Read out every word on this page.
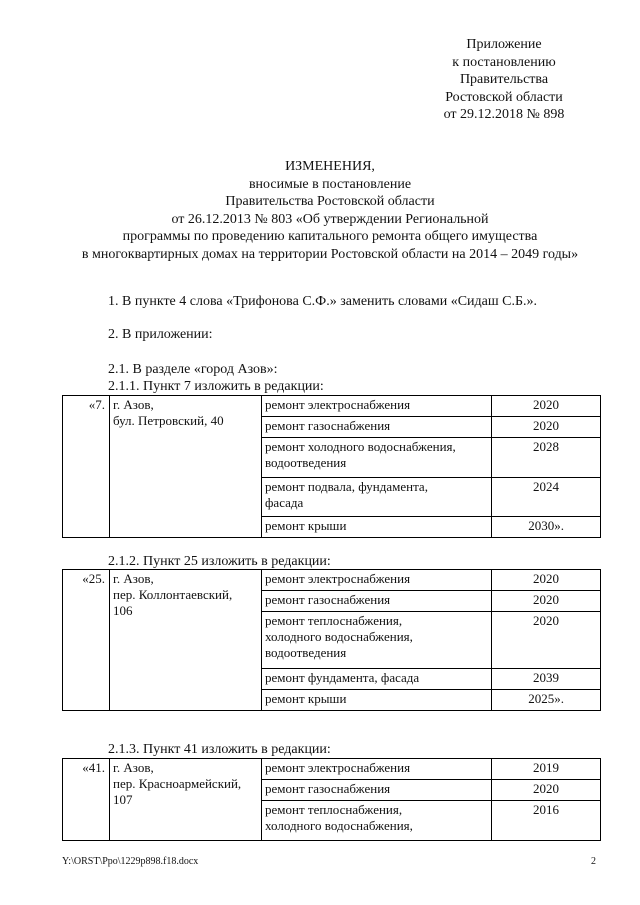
Приложение
к постановлению
Правительства
Ростовской области
от 29.12.2018 № 898
ИЗМЕНЕНИЯ,
вносимые в постановление
Правительства Ростовской области
от 26.12.2013 № 803 «Об утверждении Региональной
программы по проведению капитального ремонта общего имущества
в многоквартирных домах на территории Ростовской области на 2014 – 2049 годы»
1. В пункте 4 слова «Трифонова С.Ф.» заменить словами «Сидаш С.Б.».
2. В приложении:
2.1. В разделе «город Азов»:
2.1.1. Пункт 7 изложить в редакции:
«7.	г. Азов,
бул. Петровский, 40	ремонт электроснабжения	2020

		ремонт газоснабжения	2020

		ремонт холодного водоснабжения,
водоотведения	2028

		ремонт подвала, фундамента,
фасада	2024

		ремонт крыши	2030».
2.1.2. Пункт 25 изложить в редакции:
«25.	г. Азов,
пер. Коллонтаевский,
106	ремонт электроснабжения	2020

		ремонт газоснабжения	2020

		ремонт теплоснабжения,
холодного водоснабжения,
водоотведения	2020

		ремонт фундамента, фасада	2039

		ремонт крыши	2025».
2.1.3. Пункт 41 изложить в редакции:
«41.	г. Азов,
пер. Красноармейский,
107	ремонт электроснабжения	2019

		ремонт газоснабжения	2020

		ремонт теплоснабжения,
холодного водоснабжения,	2016
Y:\ORST\Ppo\1229p898.f18.docx	2
